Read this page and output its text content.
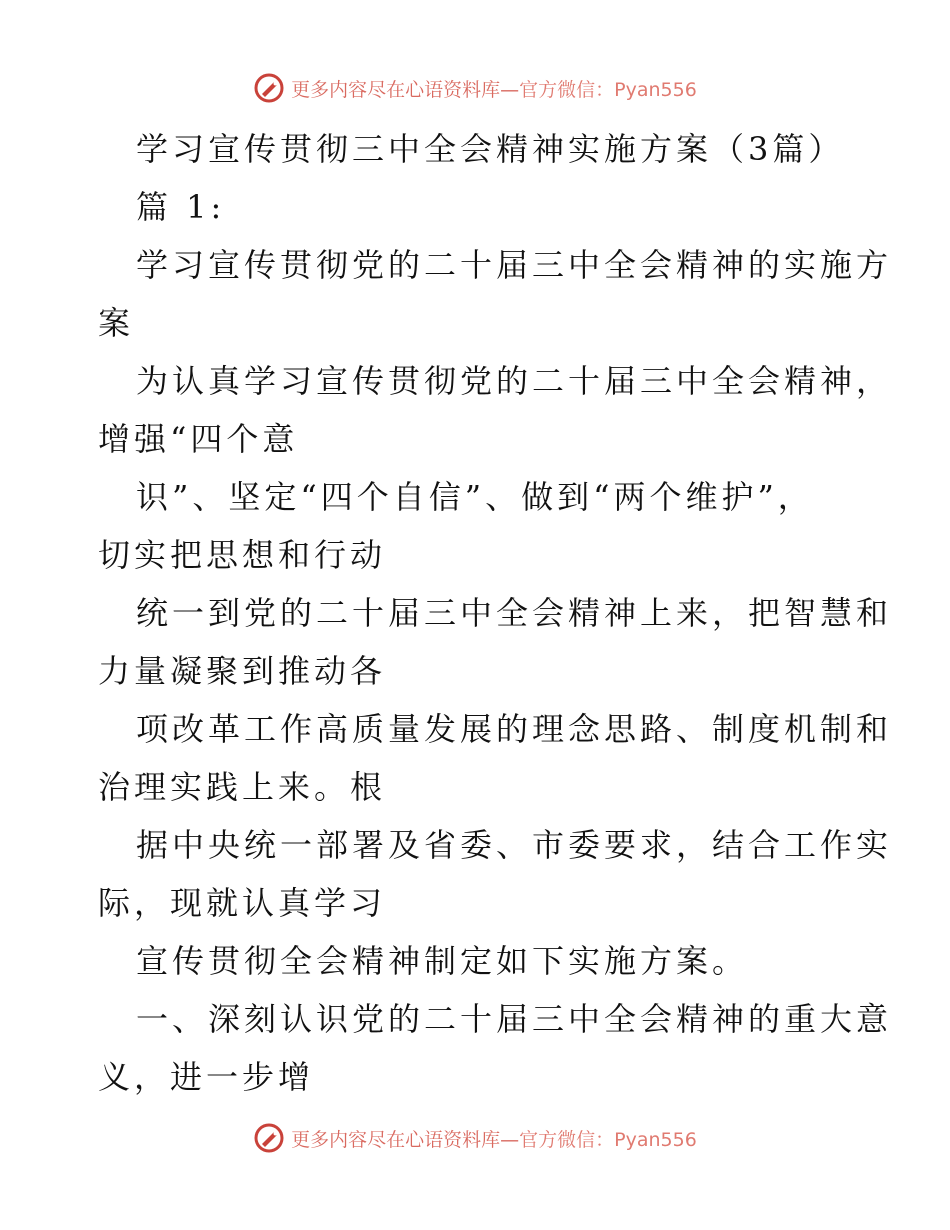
更多内容尽在心语资料库—官方微信：Pyan556
学习宣传贯彻三中全会精神实施方案（3篇）
篇 1:
学习宣传贯彻党的二十届三中全会精神的实施方
案
为认真学习宣传贯彻党的二十届三中全会精神，
增强“四个意
识”、坚定“四个自信”、做到“两个维护”，
切实把思想和行动
统一到党的二十届三中全会精神上来，把智慧和
力量凝聚到推动各
项改革工作高质量发展的理念思路、制度机制和
治理实践上来。根
据中央统一部署及省委、市委要求，结合工作实
际，现就认真学习
宣传贯彻全会精神制定如下实施方案。
一、深刻认识党的二十届三中全会精神的重大意
义，进一步增
更多内容尽在心语资料库—官方微信：Pyan556
